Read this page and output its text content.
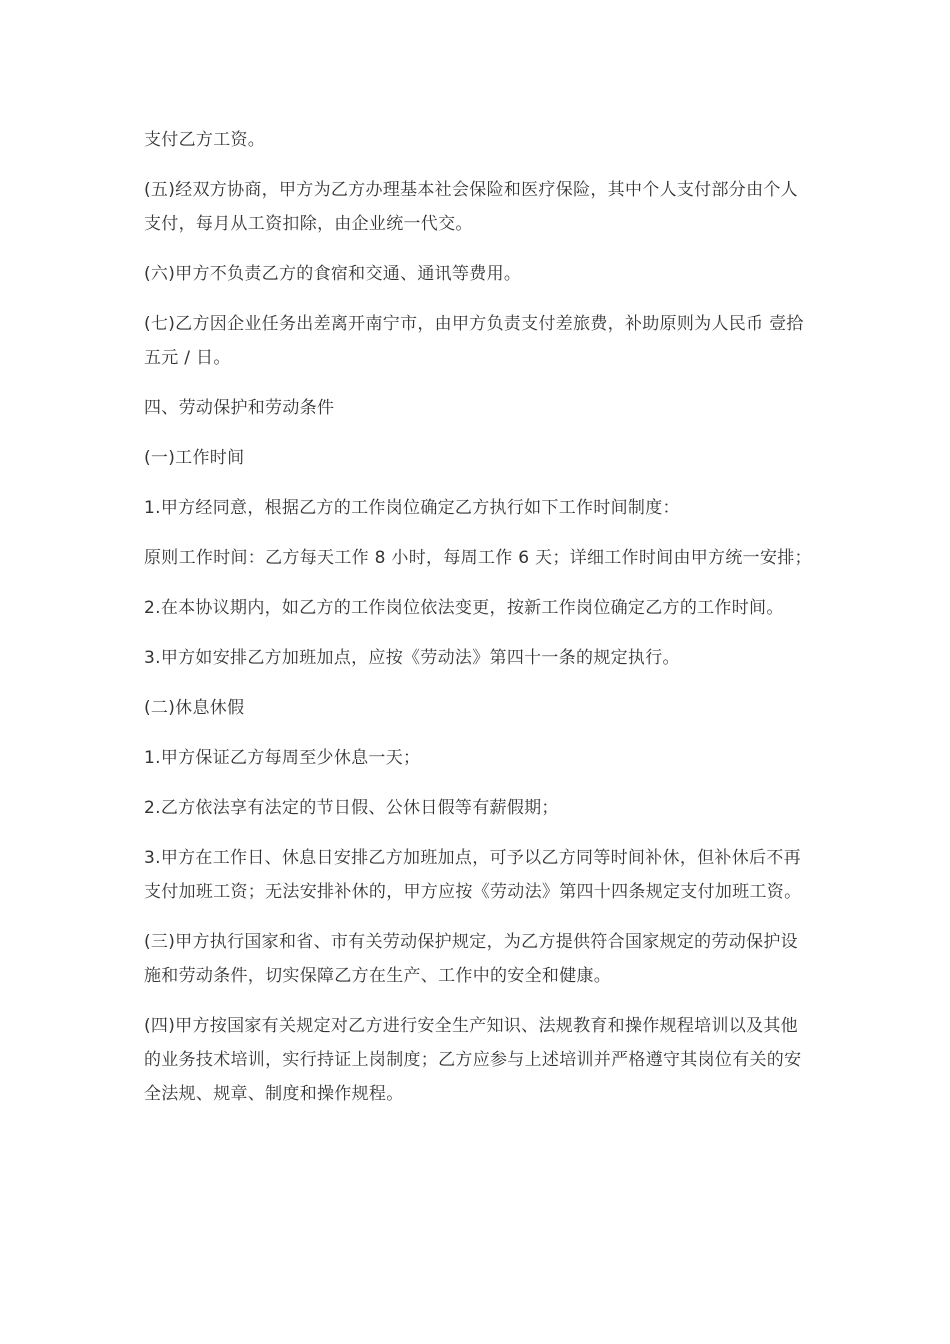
支付乙方工资。

(五)经双方协商，甲方为乙方办理基本社会保险和医疗保险，其中个人支付部分由个人支付，每月从工资扣除，由企业统一代交。

(六)甲方不负责乙方的食宿和交通、通讯等费用。

(七)乙方因企业任务出差离开南宁市，由甲方负责支付差旅费，补助原则为人民币 壹拾五元 / 日。

四、劳动保护和劳动条件

(一)工作时间

1.甲方经同意，根据乙方的工作岗位确定乙方执行如下工作时间制度：

原则工作时间：乙方每天工作 8 小时，每周工作 6 天；详细工作时间由甲方统一安排；

2.在本协议期内，如乙方的工作岗位依法变更，按新工作岗位确定乙方的工作时间。

3.甲方如安排乙方加班加点，应按《劳动法》第四十一条的规定执行。

(二)休息休假

1.甲方保证乙方每周至少休息一天；

2.乙方依法享有法定的节日假、公休日假等有薪假期；

3.甲方在工作日、休息日安排乙方加班加点，可予以乙方同等时间补休，但补休后不再支付加班工资；无法安排补休的，甲方应按《劳动法》第四十四条规定支付加班工资。

(三)甲方执行国家和省、市有关劳动保护规定，为乙方提供符合国家规定的劳动保护设施和劳动条件，切实保障乙方在生产、工作中的安全和健康。

(四)甲方按国家有关规定对乙方进行安全生产知识、法规教育和操作规程培训以及其他的业务技术培训，实行持证上岗制度；乙方应参与上述培训并严格遵守其岗位有关的安全法规、规章、制度和操作规程。
